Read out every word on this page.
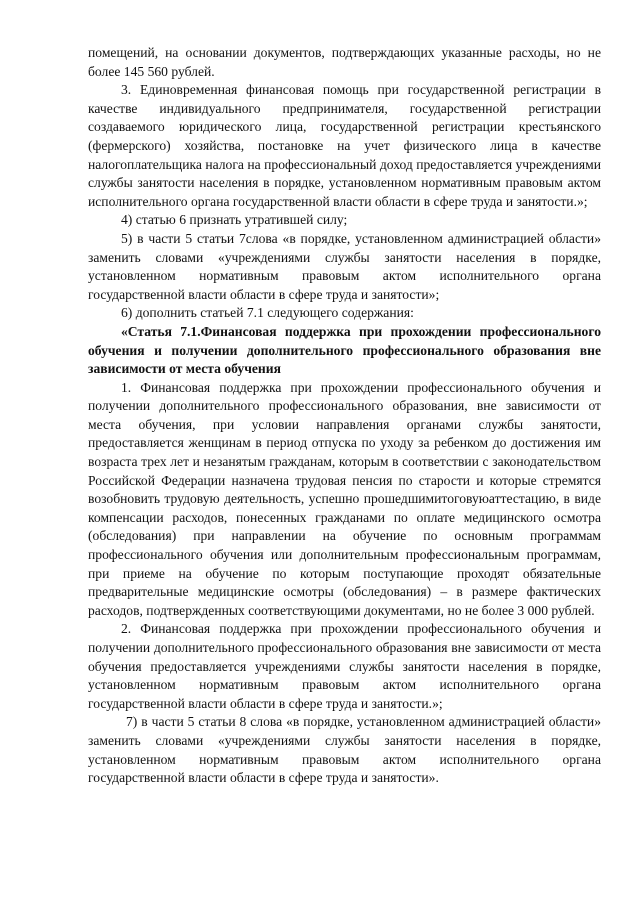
помещений, на основании документов, подтверждающих указанные расходы, но не более 145 560 рублей.

3. Единовременная финансовая помощь при государственной регистрации в качестве индивидуального предпринимателя, государственной регистрации создаваемого юридического лица, государственной регистрации крестьянского (фермерского) хозяйства, постановке на учет физического лица в качестве налогоплательщика налога на профессиональный доход предоставляется учреждениями службы занятости населения в порядке, установленном нормативным правовым актом исполнительного органа государственной власти области в сфере труда и занятости.»;

4) статью 6 признать утратившей силу;

5) в части 5 статьи 7слова «в порядке, установленном администрацией области» заменить словами «учреждениями службы занятости населения в порядке, установленном нормативным правовым актом исполнительного органа государственной власти области в сфере труда и занятости»;

6) дополнить статьей 7.1 следующего содержания:

«Статья 7.1.Финансовая поддержка при прохождении профессионального обучения и получении дополнительного профессионального образования вне зависимости от места обучения

1. Финансовая поддержка при прохождении профессионального обучения и получении дополнительного профессионального образования, вне зависимости от места обучения, при условии направления органами службы занятости, предоставляется женщинам в период отпуска по уходу за ребенком до достижения им возраста трех лет и незанятым гражданам, которым в соответствии с законодательством Российской Федерации назначена трудовая пенсия по старости и которые стремятся возобновить трудовую деятельность, успешно прошедшимитоговуюаттестацию, в виде компенсации расходов, понесенных гражданами по оплате медицинского осмотра (обследования) при направлении на обучение по основным программам профессионального обучения или дополнительным профессиональным программам, при приеме на обучение по которым поступающие проходят обязательные предварительные медицинские осмотры (обследования) – в размере фактических расходов, подтвержденных соответствующими документами, но не более 3 000 рублей.

2. Финансовая поддержка при прохождении профессионального обучения и получении дополнительного профессионального образования вне зависимости от места обучения предоставляется учреждениями службы занятости населения в порядке, установленном нормативным правовым актом исполнительного органа государственной власти области в сфере труда и занятости.»;

7) в части 5 статьи 8 слова «в порядке, установленном администрацией области» заменить словами «учреждениями службы занятости населения в порядке, установленном нормативным правовым актом исполнительного органа государственной власти области в сфере труда и занятости».
